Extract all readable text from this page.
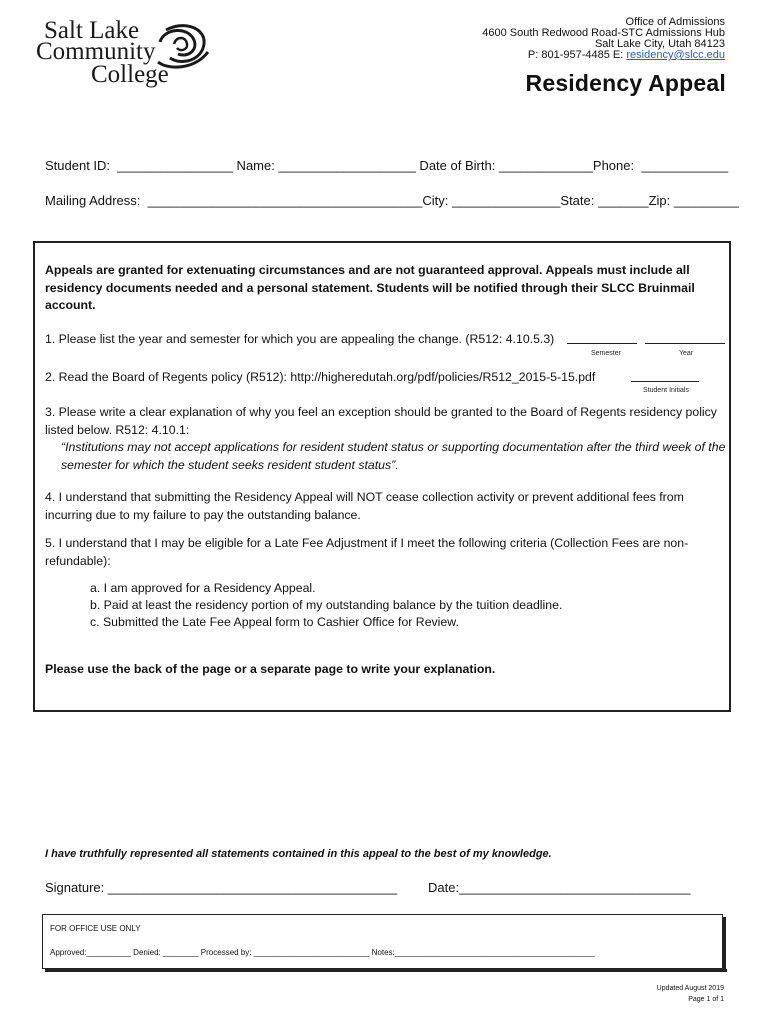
Salt Lake
Community
College
Office of Admissions
4600 South Redwood Road-STC Admissions Hub
Salt Lake City, Utah 84123
P: 801-957-4485 E: residency@slcc.edu
Residency Appeal
Student ID:  ________________ Name: ___________________ Date of Birth: _____________Phone:  ____________
Mailing Address:  ______________________________________City: _______________State: _______Zip: _________
Appeals are granted for extenuating circumstances and are not guaranteed approval. Appeals must include all residency documents needed and a personal statement. Students will be notified through their SLCC Bruinmail account.
1. Please list the year and semester for which you are appealing the change. (R512: 4.10.5.3)
Semester	Year
2. Read the Board of Regents policy (R512): http://higheredutah.org/pdf/policies/R512_2015-5-15.pdf
Student Initials
3. Please write a clear explanation of why you feel an exception should be granted to the Board of Regents residency policy listed below. R512: 4.10.1:
“Institutions may not accept applications for resident student status or supporting documentation after the third week of the semester for which the student seeks resident student status”.
4. I understand that submitting the Residency Appeal will NOT cease collection activity or prevent additional fees from incurring due to my failure to pay the outstanding balance.
5. I understand that I may be eligible for a Late Fee Adjustment if I meet the following criteria (Collection Fees are non-refundable):
a. I am approved for a Residency Appeal.
b. Paid at least the residency portion of my outstanding balance by the tuition deadline.
c. Submitted the Late Fee Appeal form to Cashier Office for Review.
Please use the back of the page or a separate page to write your explanation.
I have truthfully represented all statements contained in this appeal to the best of my knowledge.
Signature: ________________________________________ Date:________________________________
FOR OFFICE USE ONLY
Approved:__________ Denied: ________ Processed by: __________________________ Notes:_____________________________________________
Updated August 2019
Page 1 of 1
